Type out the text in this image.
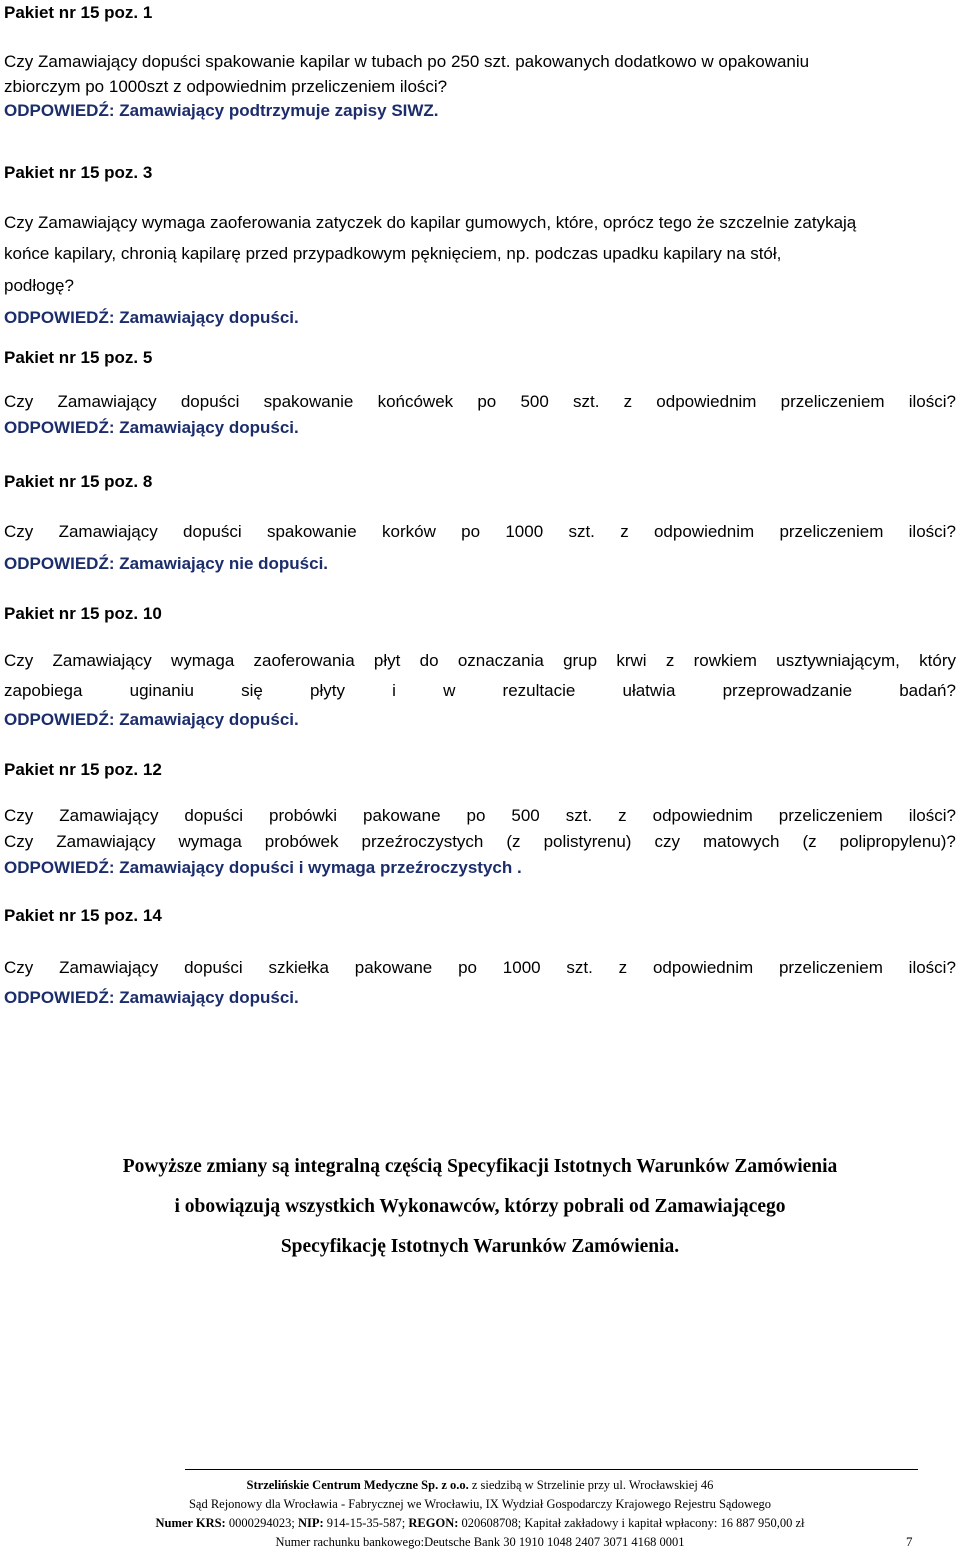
Pakiet nr 15 poz. 1
Czy Zamawiający dopuści spakowanie kapilar w tubach po 250 szt. pakowanych dodatkowo w opakowaniu
zbiorczym po 1000szt z odpowiednim przeliczeniem ilości?
ODPOWIEDŹ: Zamawiający podtrzymuje zapisy SIWZ.
Pakiet nr 15 poz. 3
Czy Zamawiający wymaga zaoferowania zatyczek do kapilar gumowych, które, oprócz tego że szczelnie zatykają
końce kapilary, chronią kapilarę przed przypadkowym pęknięciem, np. podczas upadku kapilary na stół,
podłogę?
ODPOWIEDŹ: Zamawiający dopuści.
Pakiet nr 15 poz. 5
Czy Zamawiający dopuści spakowanie końcówek po 500 szt. z odpowiednim przeliczeniem ilości?
ODPOWIEDŹ: Zamawiający dopuści.
Pakiet nr 15 poz. 8
Czy Zamawiający dopuści spakowanie korków po 1000 szt. z odpowiednim przeliczeniem ilości?
ODPOWIEDŹ: Zamawiający nie dopuści.
Pakiet nr 15 poz. 10
Czy Zamawiający wymaga zaoferowania płyt do oznaczania grup krwi z rowkiem usztywniającym, który
zapobiega	uginaniu	się	płyty	i	w	rezultacie	ułatwia	przeprowadzanie	badań?
ODPOWIEDŹ: Zamawiający dopuści.
Pakiet nr 15 poz. 12
Czy Zamawiający dopuści probówki pakowane po 500 szt. z odpowiednim przeliczeniem ilości?
Czy Zamawiający wymaga probówek przeźroczystych (z polistyrenu) czy matowych (z polipropylenu)?
ODPOWIEDŹ: Zamawiający dopuści i wymaga przeźroczystych .
Pakiet nr 15 poz. 14
Czy Zamawiający dopuści szkiełka pakowane po 1000 szt. z odpowiednim przeliczeniem ilości?
ODPOWIEDŹ: Zamawiający dopuści.
Powyższe zmiany są integralną częścią Specyfikacji Istotnych Warunków Zamówienia
i obowiązują wszystkich Wykonawców, którzy pobrali od Zamawiającego
Specyfikację Istotnych Warunków Zamówienia.
Strzelińskie Centrum Medyczne Sp. z o.o. z siedzibą w Strzelinie przy ul. Wrocławskiej 46
Sąd Rejonowy dla Wrocławia - Fabrycznej we Wrocławiu, IX Wydział Gospodarczy Krajowego Rejestru Sądowego
Numer KRS: 0000294023; NIP: 914-15-35-587; REGON: 020608708; Kapitał zakładowy i kapitał wpłacony: 16 887 950,00 zł
Numer rachunku bankowego:Deutsche Bank 30 1910 1048 2407 3071 4168 0001	7
